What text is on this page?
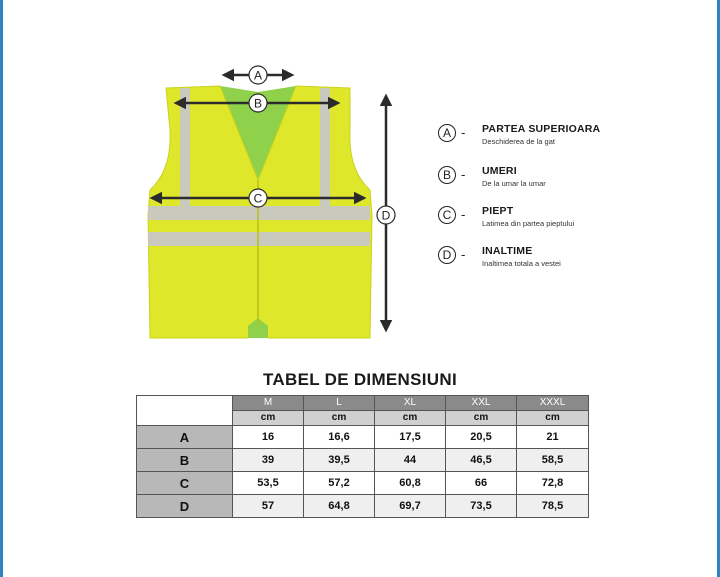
A
B
C
D
A - PARTEA SUPERIOARA
Deschiderea de la gat
B - UMERI
De la umar la umar
C - PIEPT
Latimea din partea pieptului
D - INALTIME
Inaltimea totala a vestei
TABEL DE DIMENSIUNI
	M	L	XL	XXL	XXXL
	cm	cm	cm	cm	cm
A	16	16,6	17,5	20,5	21
B	39	39,5	44	46,5	58,5
C	53,5	57,2	60,8	66	72,8
D	57	64,8	69,7	73,5	78,5
